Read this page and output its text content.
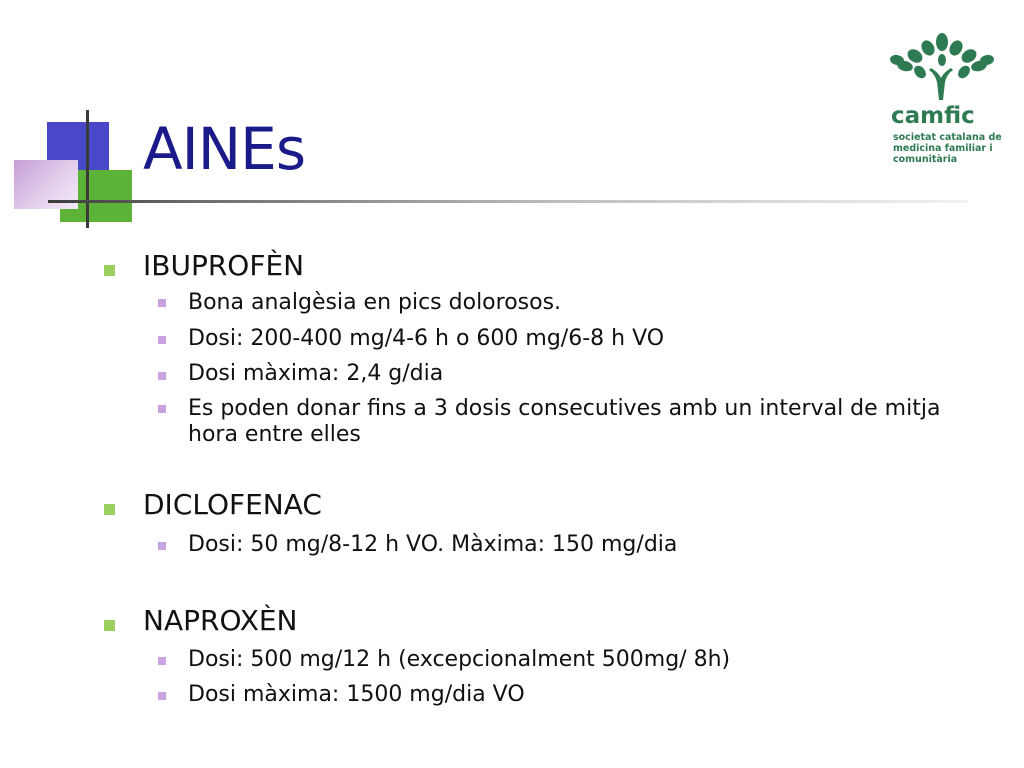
AINEs	camfic
societat catalana de medicina familiar i comunitària
IBUPROFÈN
Bona analgèsia en pics dolorosos.
Dosi: 200-400 mg/4-6 h o 600 mg/6-8 h VO
Dosi màxima: 2,4 g/dia
Es poden donar fins a 3 dosis consecutives amb un interval de mitja hora entre elles
DICLOFENAC
Dosi: 50 mg/8-12 h VO. Màxima: 150 mg/dia
NAPROXÈN
Dosi: 500 mg/12 h (excepcionalment 500mg/ 8h)
Dosi màxima: 1500 mg/dia VO
